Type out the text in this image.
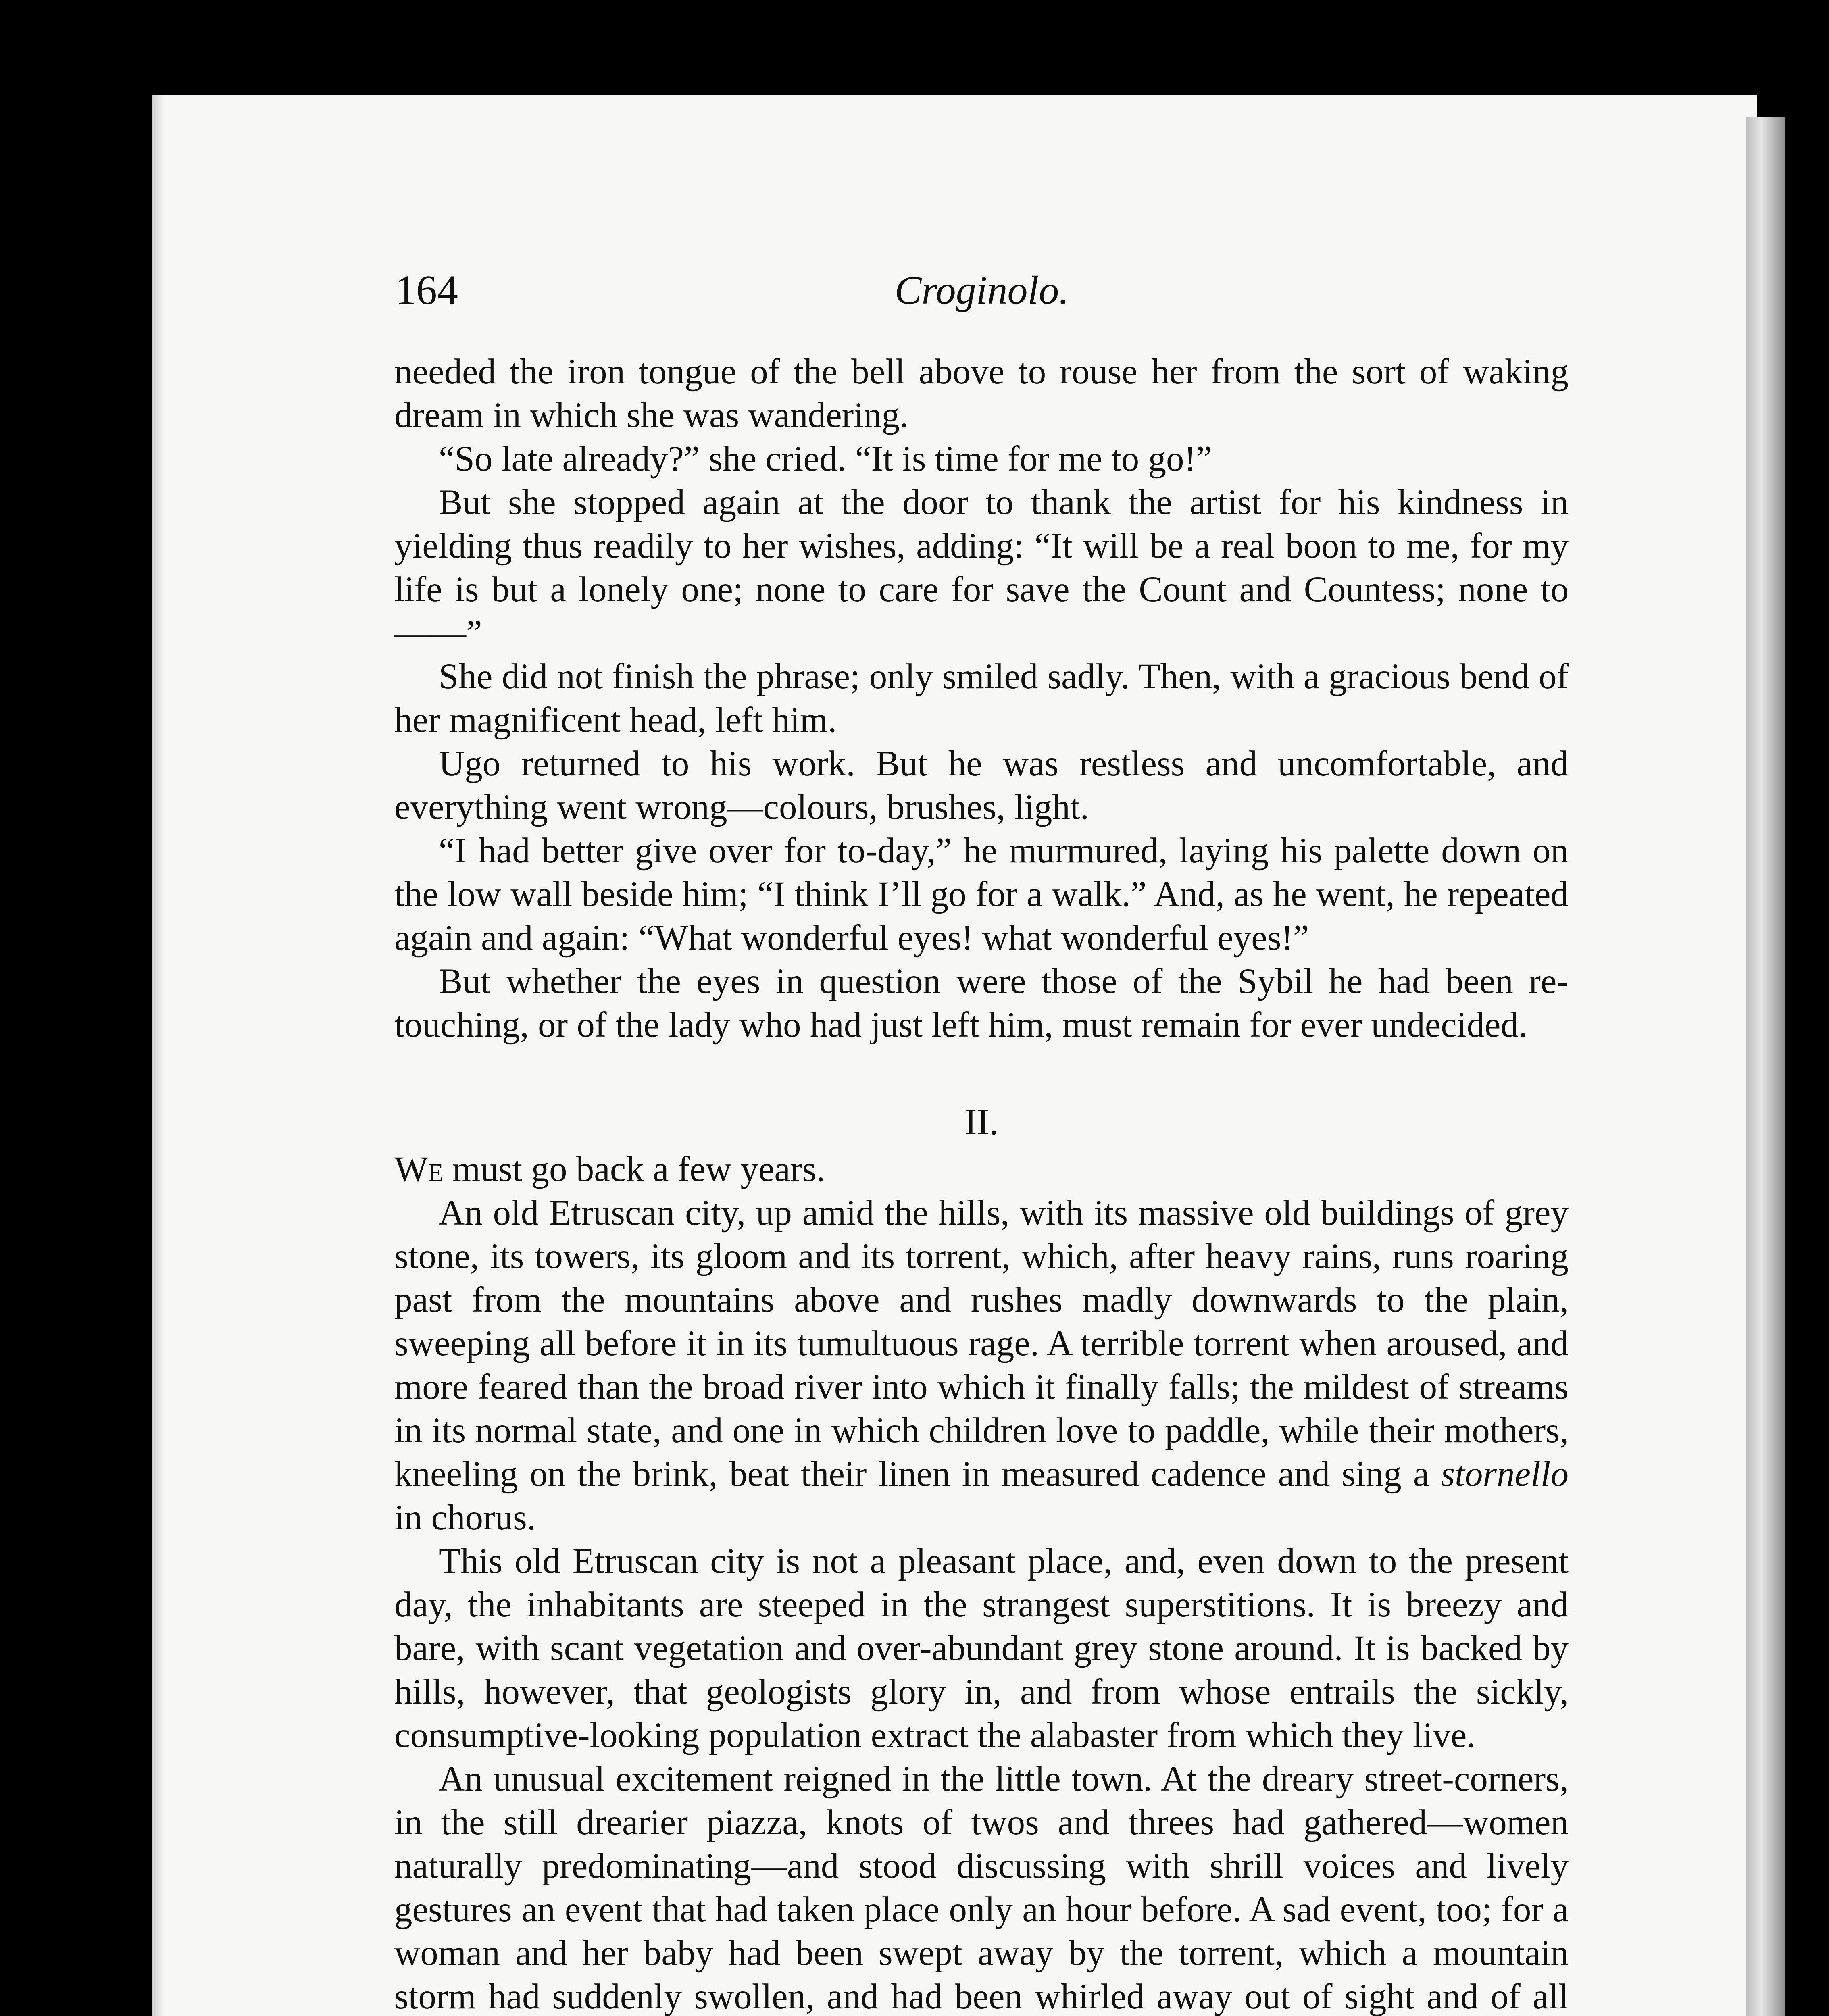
164	Croginolo.

needed the iron tongue of the bell above to rouse her from the sort of waking dream in which she was wandering.

“So late already?” she cried. “It is time for me to go!”

But she stopped again at the door to thank the artist for his kindness in yielding thus readily to her wishes, adding: “It will be a real boon to me, for my life is but a lonely one; none to care for save the Count and Countess; none to——”

She did not finish the phrase; only smiled sadly. Then, with a gracious bend of her magnificent head, left him.

Ugo returned to his work. But he was restless and uncomfortable, and everything went wrong—colours, brushes, light.

“I had better give over for to-day,” he murmured, laying his palette down on the low wall beside him; “I think I’ll go for a walk.” And, as he went, he repeated again and again: “What wonderful eyes! what wonderful eyes!”

But whether the eyes in question were those of the Sybil he had been re-touching, or of the lady who had just left him, must remain for ever undecided.

II.

We must go back a few years.

An old Etruscan city, up amid the hills, with its massive old buildings of grey stone, its towers, its gloom and its torrent, which, after heavy rains, runs roaring past from the mountains above and rushes madly downwards to the plain, sweeping all before it in its tumultuous rage. A terrible torrent when aroused, and more feared than the broad river into which it finally falls; the mildest of streams in its normal state, and one in which children love to paddle, while their mothers, kneeling on the brink, beat their linen in measured cadence and sing a stornello in chorus.

This old Etruscan city is not a pleasant place, and, even down to the present day, the inhabitants are steeped in the strangest superstitions. It is breezy and bare, with scant vegetation and over-abundant grey stone around. It is backed by hills, however, that geologists glory in, and from whose entrails the sickly, consumptive-looking population extract the alabaster from which they live.

An unusual excitement reigned in the little town. At the dreary street-corners, in the still drearier piazza, knots of twos and threes had gathered—women naturally predominating—and stood discussing with shrill voices and lively gestures an event that had taken place only an hour before. A sad event, too; for a woman and her baby had been swept away by the torrent, which a mountain storm had suddenly swollen, and had been whirled away out of sight and of all
